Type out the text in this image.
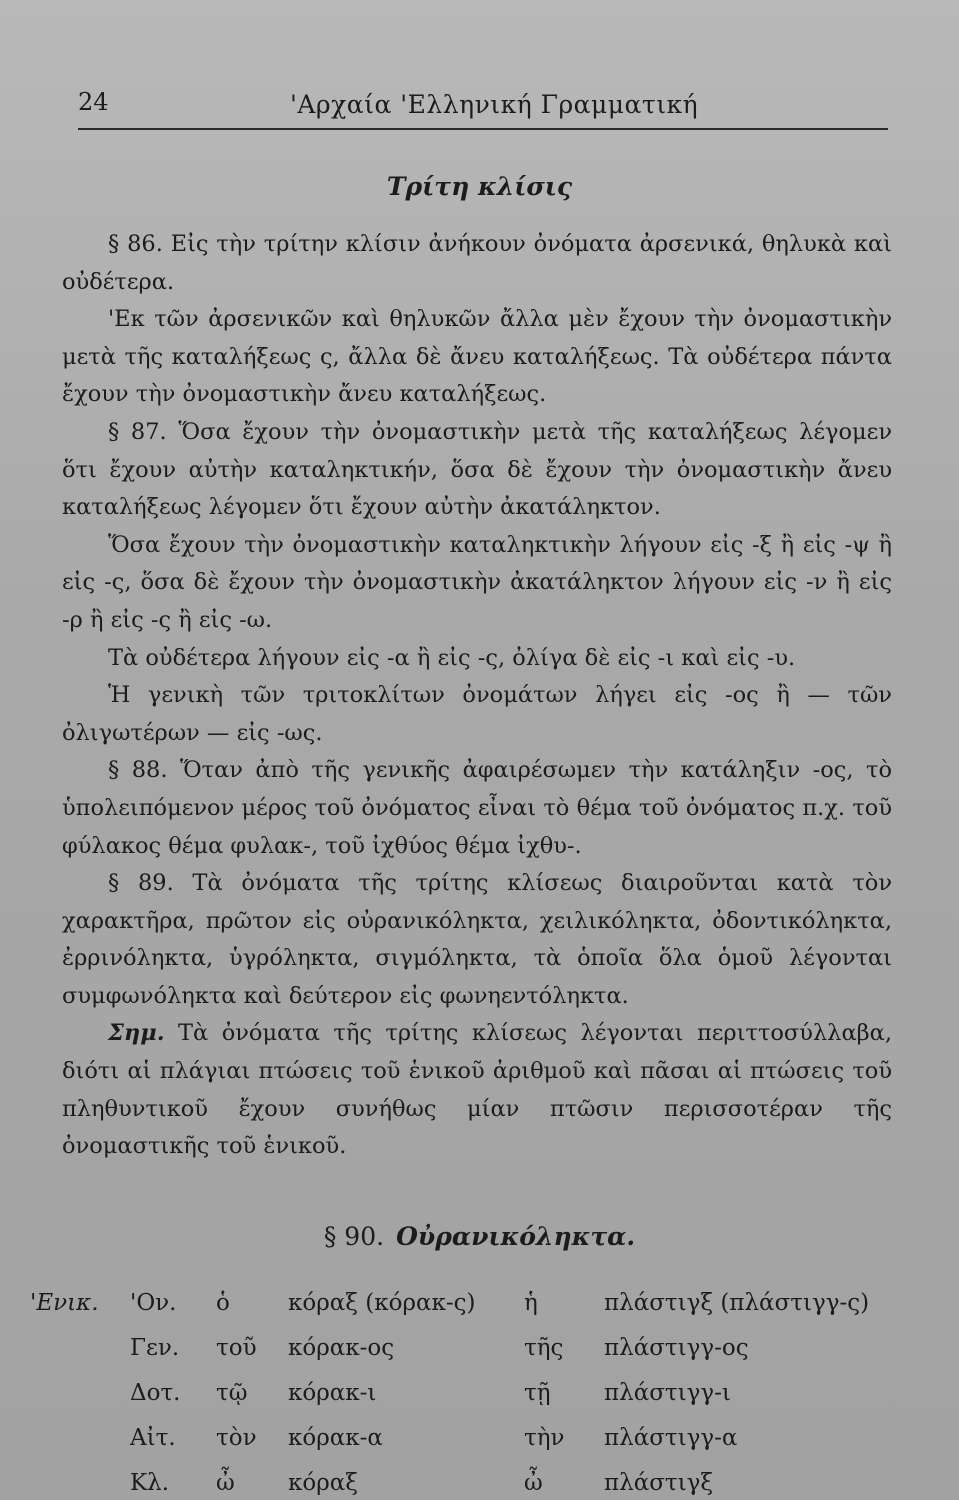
24	'Αρχαία 'Ελληνική Γραμματική
Τρίτη κλίσις

§ 86. Εἰς τὴν τρίτην κλίσιν ἀνήκουν ὀνόματα ἀρσενικά, θηλυκὰ καὶ οὐδέτερα.

'Εκ τῶν ἀρσενικῶν καὶ θηλυκῶν ἄλλα μὲν ἔχουν τὴν ὀνομαστικὴν μετὰ τῆς καταλήξεως ς, ἄλλα δὲ ἄνευ καταλήξεως. Τὰ οὐδέτερα πάντα ἔχουν τὴν ὀνομαστικὴν ἄνευ καταλήξεως.

§ 87. Ὅσα ἔχουν τὴν ὀνομαστικὴν μετὰ τῆς καταλήξεως λέγομεν ὅτι ἔχουν αὐτὴν καταληκτικήν, ὅσα δὲ ἔχουν τὴν ὀνομαστικὴν ἄνευ καταλήξεως λέγομεν ὅτι ἔχουν αὐτὴν ἀκατάληκτον.

Ὅσα ἔχουν τὴν ὀνομαστικὴν καταληκτικὴν λήγουν εἰς -ξ ἢ εἰς -ψ ἢ εἰς -ς, ὅσα δὲ ἔχουν τὴν ὀνομαστικὴν ἀκατάληκτον λήγουν εἰς -ν ἢ εἰς -ρ ἢ εἰς -ς ἢ εἰς -ω.

Τὰ οὐδέτερα λήγουν εἰς -α ἢ εἰς -ς, ὀλίγα δὲ εἰς -ι καὶ εἰς -υ.

Ἡ γενικὴ τῶν τριτοκλίτων ὀνομάτων λήγει εἰς -ος ἢ — τῶν ὀλιγωτέρων — εἰς -ως.

§ 88. Ὅταν ἀπὸ τῆς γενικῆς ἀφαιρέσωμεν τὴν κατάληξιν -ος, τὸ ὑπολειπόμενον μέρος τοῦ ὀνόματος εἶναι τὸ θέμα τοῦ ὀνόματος π.χ. τοῦ φύλακος θέμα φυλακ-, τοῦ ἰχθύος θέμα ἰχθυ-.

§ 89. Τὰ ὀνόματα τῆς τρίτης κλίσεως διαιροῦνται κατὰ τὸν χαρακτῆρα, πρῶτον εἰς οὐρανικόληκτα, χειλικόληκτα, ὀδοντικόληκτα, ἐρρινόληκτα, ὑγρόληκτα, σιγμόληκτα, τὰ ὁποῖα ὅλα ὁμοῦ λέγονται συμφωνόληκτα καὶ δεύτερον εἰς φωνηεντόληκτα.

Σημ. Τὰ ὀνόματα τῆς τρίτης κλίσεως λέγονται περιττοσύλλαβα, διότι αἱ πλάγιαι πτώσεις τοῦ ἑνικοῦ ἀριθμοῦ καὶ πᾶσαι αἱ πτώσεις τοῦ πληθυντικοῦ ἔχουν συνήθως μίαν πτῶσιν περισσοτέραν τῆς ὀνομαστικῆς τοῦ ἑνικοῦ.

§ 90. Οὐρανικόληκτα.
'Ενικ.	'Ον.	ὁ	κόραξ (κόρακ-ς)	ἡ	πλάστιγξ (πλάστιγγ-ς)
	Γεν.	τοῦ	κόρακ-ος	τῆς	πλάστιγγ-ος
	Δοτ.	τῷ	κόρακ-ι	τῇ	πλάστιγγ-ι
	Αἰτ.	τὸν	κόρακ-α	τὴν	πλάστιγγ-α
	Κλ.	ὦ	κόραξ	ὦ	πλάστιγξ
